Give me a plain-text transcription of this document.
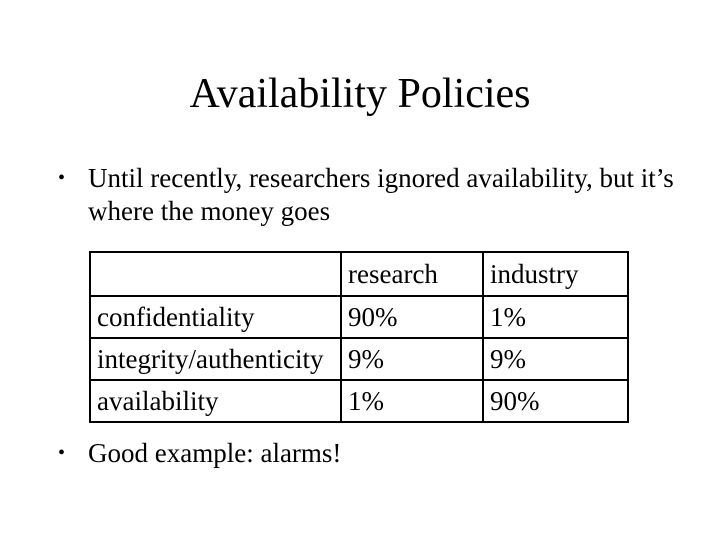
Availability Policies
• Until recently, researchers ignored availability, but it’s where the money goes
	research	industry
confidentiality	90%	1%
integrity/authenticity	9%	9%
availability	1%	90%
• Good example: alarms!
